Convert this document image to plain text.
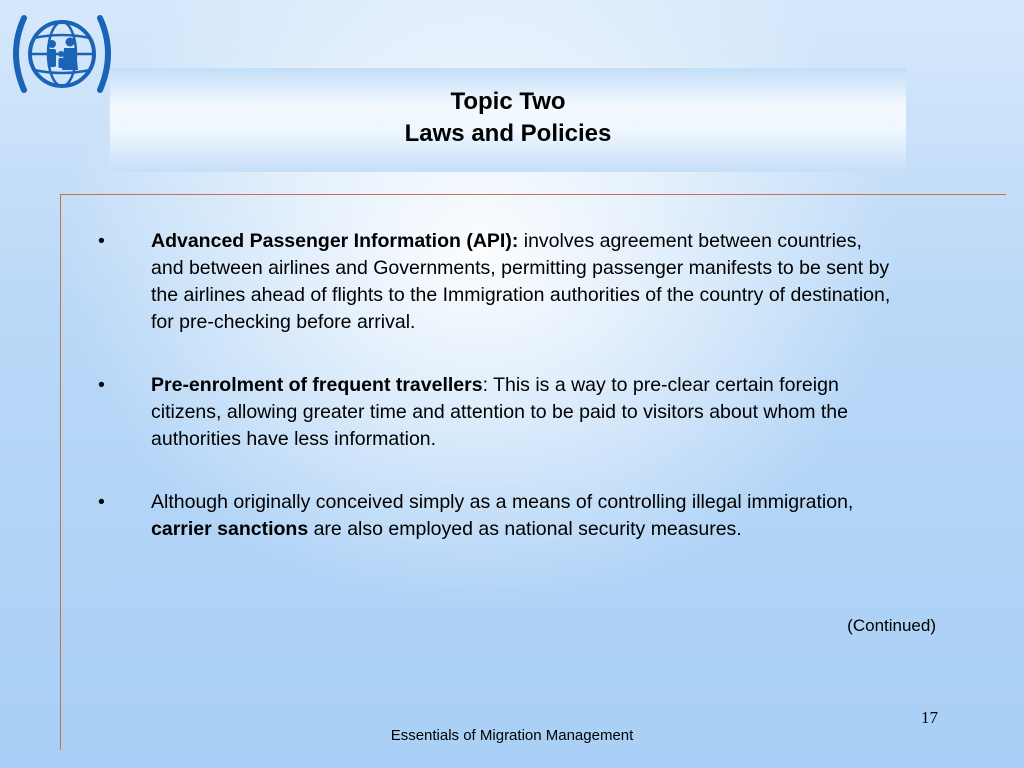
Topic Two
Laws and Policies
•	Advanced Passenger Information (API): involves agreement between countries, and between airlines and Governments, permitting passenger manifests to be sent by the airlines ahead of flights to the Immigration authorities of the country of destination, for pre-checking before arrival.
•	Pre-enrolment of frequent travellers: This is a way to pre-clear certain foreign citizens, allowing greater time and attention to be paid to visitors about whom the authorities have less information.
•	Although originally conceived simply as a means of controlling illegal immigration, carrier sanctions are also employed as national security measures.
(Continued)
17
Essentials of Migration Management
